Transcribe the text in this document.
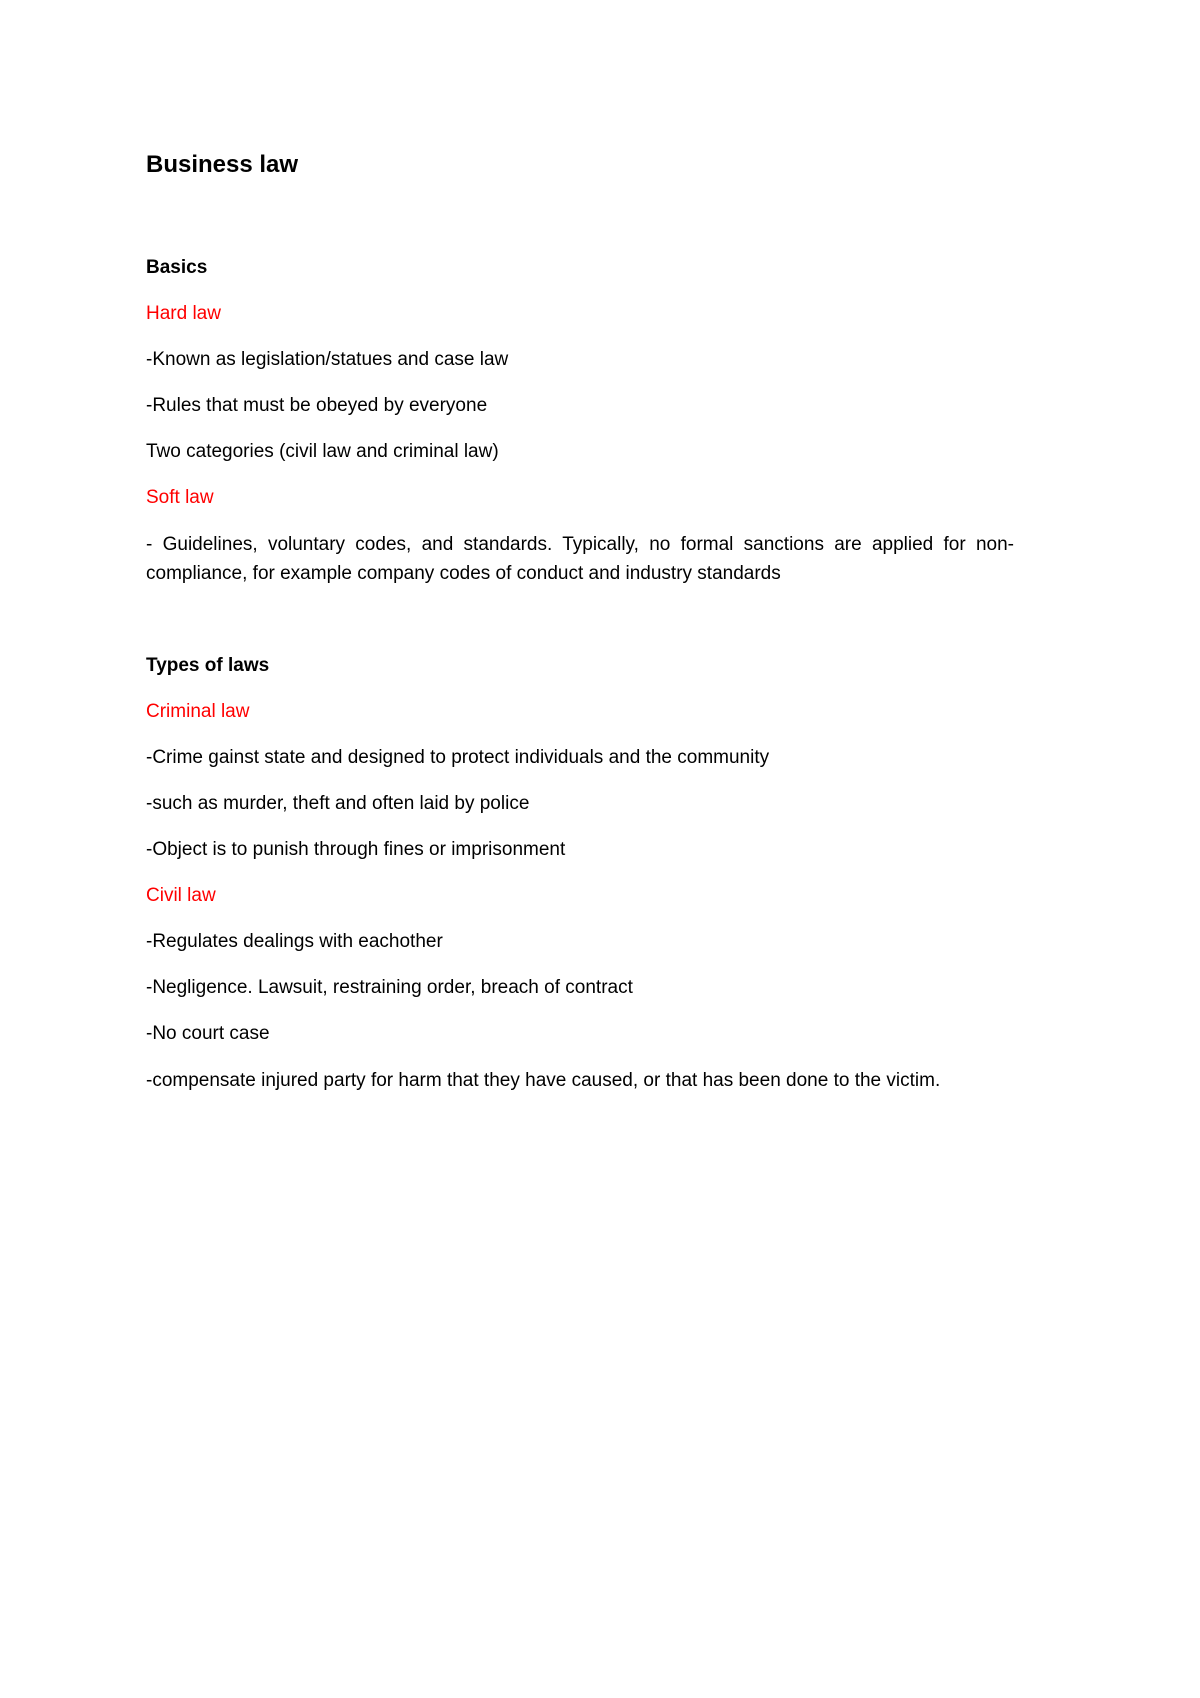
Business law
Basics
Hard law
-Known as legislation/statues and case law
-Rules that must be obeyed by everyone
Two categories (civil law and criminal law)
Soft law

- Guidelines, voluntary codes, and standards. Typically, no formal sanctions are applied for non-compliance, for example company codes of conduct and industry standards

Types of laws
Criminal law
-Crime gainst state and designed to protect individuals and the community
-such as murder, theft and often laid by police
-Object is to punish through fines or imprisonment
Civil law
-Regulates dealings with eachother
-Negligence. Lawsuit, restraining order, breach of contract
-No court case

-compensate injured party for harm that they have caused, or that has been done to the victim.
